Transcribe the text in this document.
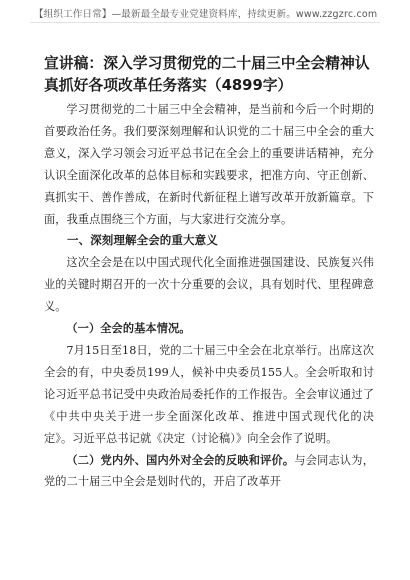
【组织工作日常】—最新最全最专业党建资料库，持续更新。www.zzgzrc.com
宣讲稿：深入学习贯彻党的二十届三中全会精神认真抓好各项改革任务落实（4899字）

学习贯彻党的二十届三中全会精神，是当前和今后一个时期的首要政治任务。我们要深刻理解和认识党的二十届三中全会的重大意义，深入学习领会习近平总书记在全会上的重要讲话精神，充分认识全面深化改革的总体目标和实践要求，把准方向、守正创新、真抓实干、善作善成，在新时代新征程上谱写改革开放新篇章。下面，我重点围绕三个方面，与大家进行交流分享。

一、深刻理解全会的重大意义

这次全会是在以中国式现代化全面推进强国建设、民族复兴伟业的关键时期召开的一次十分重要的会议，具有划时代、里程碑意义。

（一）全会的基本情况。

7月15日至18日，党的二十届三中全会在北京举行。出席这次全会的有，中央委员199人，候补中央委员155人。全会听取和讨论习近平总书记受中央政治局委托作的工作报告。全会审议通过了《中共中央关于进一步全面深化改革、推进中国式现代化的决定》。习近平总书记就《决定（讨论稿）》向全会作了说明。

（二）党内外、国内外对全会的反映和评价。与会同志认为，党的二十届三中全会是划时代的，开启了改革开
